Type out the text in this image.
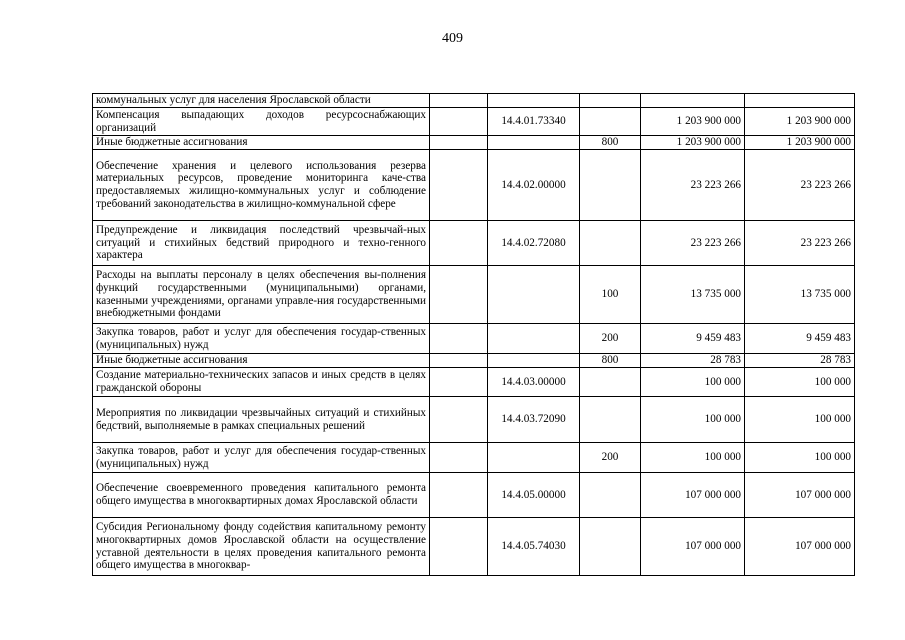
409
коммунальных услуг для населения Ярославской области					
Компенсация выпадающих доходов ресурсоснабжающих организаций		14.4.01.73340		1 203 900 000	1 203 900 000
Иные бюджетные ассигнования			800	1 203 900 000	1 203 900 000
Обеспечение хранения и целевого использования резерва материальных ресурсов, проведение мониторинга каче-ства предоставляемых жилищно-коммунальных услуг и соблюдение требований законодательства в жилищно-коммунальной сфере		14.4.02.00000		23 223 266	23 223 266
Предупреждение и ликвидация последствий чрезвычай-ных ситуаций и стихийных бедствий природного и техно-генного характера		14.4.02.72080		23 223 266	23 223 266
Расходы на выплаты персоналу в целях обеспечения вы-полнения функций государственными (муниципальными) органами, казенными учреждениями, органами управле-ния государственными внебюджетными фондами			100	13 735 000	13 735 000
Закупка товаров, работ и услуг для обеспечения государ-ственных (муниципальных) нужд			200	9 459 483	9 459 483
Иные бюджетные ассигнования			800	28 783	28 783
Создание материально-технических запасов и иных средств в целях гражданской обороны		14.4.03.00000		100 000	100 000
Мероприятия по ликвидации чрезвычайных ситуаций и стихийных бедствий, выполняемые в рамках специальных решений		14.4.03.72090		100 000	100 000
Закупка товаров, работ и услуг для обеспечения государ-ственных (муниципальных) нужд			200	100 000	100 000
Обеспечение своевременного проведения капитального ремонта общего имущества в многоквартирных домах Ярославской области		14.4.05.00000		107 000 000	107 000 000
Субсидия Региональному фонду содействия капитальному ремонту многоквартирных домов Ярославской области на осуществление уставной деятельности в целях проведения капитального ремонта общего имущества в многоквар-		14.4.05.74030		107 000 000	107 000 000
